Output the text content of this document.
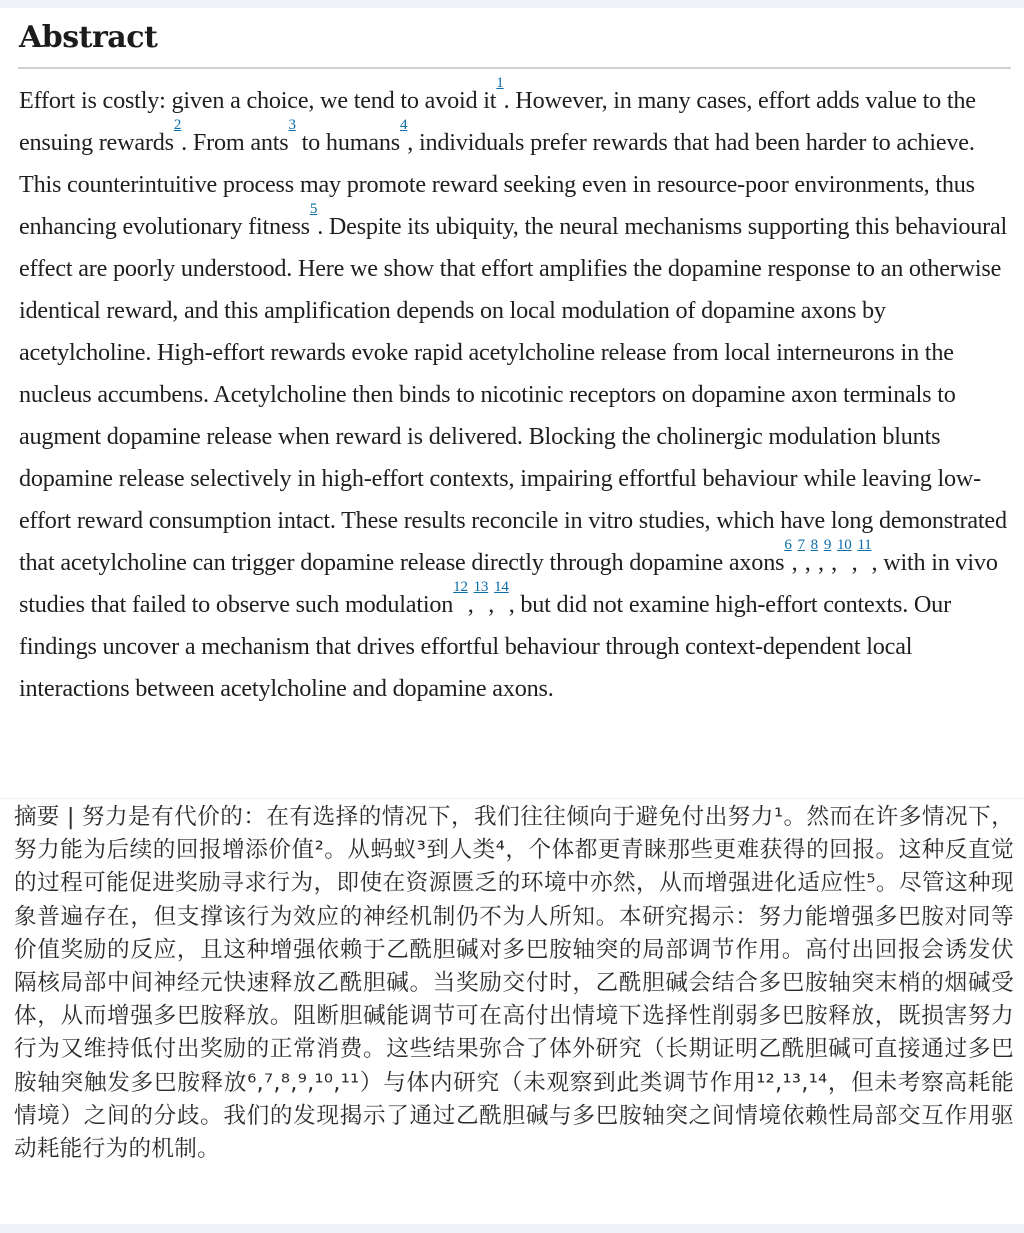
Abstract

Effort is costly: given a choice, we tend to avoid it$^1$. However, in many cases, effort adds value to the ensuing rewards$^2$. From ants$^3$ to humans$^4$, individuals prefer rewards that had been harder to achieve. This counterintuitive process may promote reward seeking even in resource-poor environments, thus enhancing evolutionary fitness$^5$. Despite its ubiquity, the neural mechanisms supporting this behavioural effect are poorly understood. Here we show that effort amplifies the dopamine response to an otherwise identical reward, and this amplification depends on local modulation of dopamine axons by acetylcholine. High-effort rewards evoke rapid acetylcholine release from local interneurons in the nucleus accumbens. Acetylcholine then binds to nicotinic receptors on dopamine axon terminals to augment dopamine release when reward is delivered. Blocking the cholinergic modulation blunts dopamine release selectively in high-effort contexts, impairing effortful behaviour while leaving low-effort reward consumption intact. These results reconcile in vitro studies, which have long demonstrated that acetylcholine can trigger dopamine release directly through dopamine axons$^6$,$^7$,$^8$,$^9$,$^{10}$,$^{11}$, with in vivo studies that failed to observe such modulation$^{12}$,$^{13}$,$^{14}$, but did not examine high-effort contexts. Our findings uncover a mechanism that drives effortful behaviour through context-dependent local interactions between acetylcholine and dopamine axons.

摘要 | 努力是有代价的：在有选择的情况下，我们往往倾向于避免付出努力¹。然而在许多情况下，努力能为后续的回报增添价值²。从蚂蚁³到人类⁴，个体都更青睐那些更难获得的回报。这种反直觉的过程可能促进奖励寻求行为，即使在资源匮乏的环境中亦然，从而增强进化适应性⁵。尽管这种现象普遍存在，但支撑该行为效应的神经机制仍不为人所知。本研究揭示：努力能增强多巴胺对同等价值奖励的反应，且这种增强依赖于乙酰胆碱对多巴胺轴突的局部调节作用。高付出回报会诱发伏隔核局部中间神经元快速释放乙酰胆碱。当奖励交付时，乙酰胆碱会结合多巴胺轴突末梢的烟碱受体，从而增强多巴胺释放。阻断胆碱能调节可在高付出情境下选择性削弱多巴胺释放，既损害努力行为又维持低付出奖励的正常消费。这些结果弥合了体外研究（长期证明乙酰胆碱可直接通过多巴胺轴突触发多巴胺释放⁶,⁷,⁸,⁹,¹⁰,¹¹）与体内研究（未观察到此类调节作用¹²,¹³,¹⁴，但未考察高耗能情境）之间的分歧。我们的发现揭示了通过乙酰胆碱与多巴胺轴突之间情境依赖性局部交互作用驱动耗能行为的机制。
